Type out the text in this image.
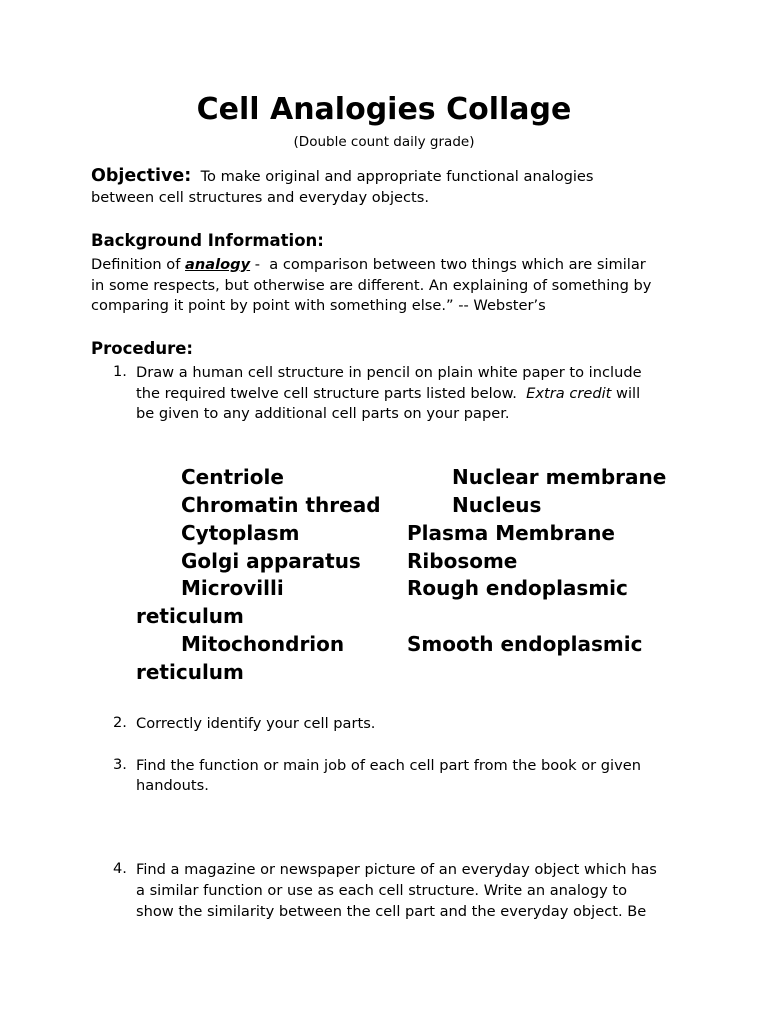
Cell Analogies Collage
(Double count daily grade)
Objective: To make original and appropriate functional analogies
between cell structures and everyday objects.
Background Information:
Definition of analogy -  a comparison between two things which are similar
in some respects, but otherwise are different. An explaining of something by
comparing it point by point with something else.” -- Webster’s
Procedure:
1. Draw a human cell structure in pencil on plain white paper to include
the required twelve cell structure parts listed below.  Extra credit will
be given to any additional cell parts on your paper.
Centriole	Nuclear membrane
Chromatin thread	Nucleus
Cytoplasm	Plasma Membrane
Golgi apparatus Ribosome
Microvilli	Rough endoplasmic
reticulum
Mitochondrion	Smooth endoplasmic
reticulum
2. Correctly identify your cell parts.
3. Find the function or main job of each cell part from the book or given
handouts.
4. Find a magazine or newspaper picture of an everyday object which has
a similar function or use as each cell structure. Write an analogy to
show the similarity between the cell part and the everyday object. Be
